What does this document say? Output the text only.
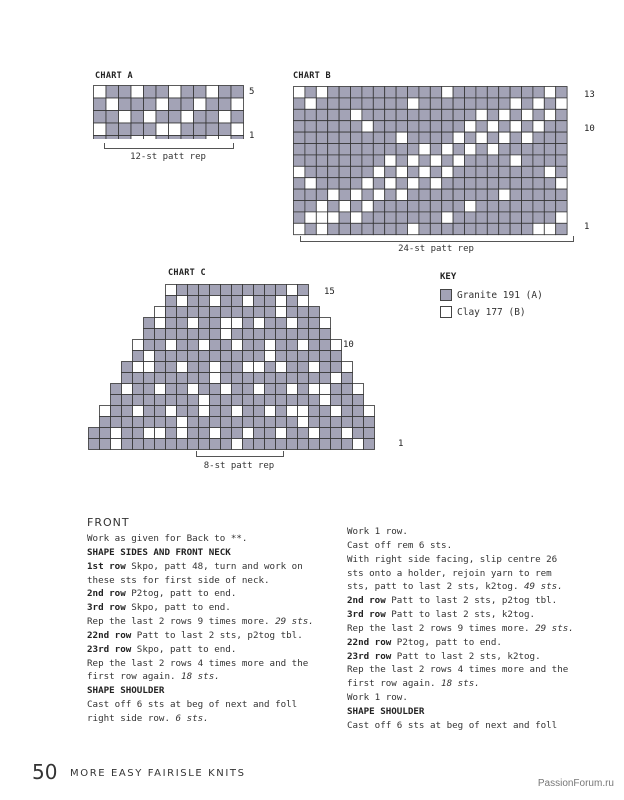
CHART A
5
1
12-st patt rep
CHART B
13
10
1
24-st patt rep
CHART C
15
10
1
8-st patt rep
KEY
Granite 191 (A)
Clay 177 (B)
FRONT
Work as given for Back to **.
SHAPE SIDES AND FRONT NECK
1st row Skpo, patt 48, turn and work on
these sts for first side of neck.
2nd row P2tog, patt to end.
3rd row Skpo, patt to end.
Rep the last 2 rows 9 times more. 29 sts.
22nd row Patt to last 2 sts, p2tog tbl.
23rd row Skpo, patt to end.
Rep the last 2 rows 4 times more and the
first row again. 18 sts.
SHAPE SHOULDER
Cast off 6 sts at beg of next and foll
right side row. 6 sts.
Work 1 row.
Cast off rem 6 sts.
With right side facing, slip centre 26
sts onto a holder, rejoin yarn to rem
sts, patt to last 2 sts, k2tog. 49 sts.
2nd row Patt to last 2 sts, p2tog tbl.
3rd row Patt to last 2 sts, k2tog.
Rep the last 2 rows 9 times more. 29 sts.
22nd row P2tog, patt to end.
23rd row Patt to last 2 sts, k2tog.
Rep the last 2 rows 4 times more and the
first row again. 18 sts.
Work 1 row.
SHAPE SHOULDER
Cast off 6 sts at beg of next and foll
50 MORE EASY FAIRISLE KNITS
PassionForum.ru
